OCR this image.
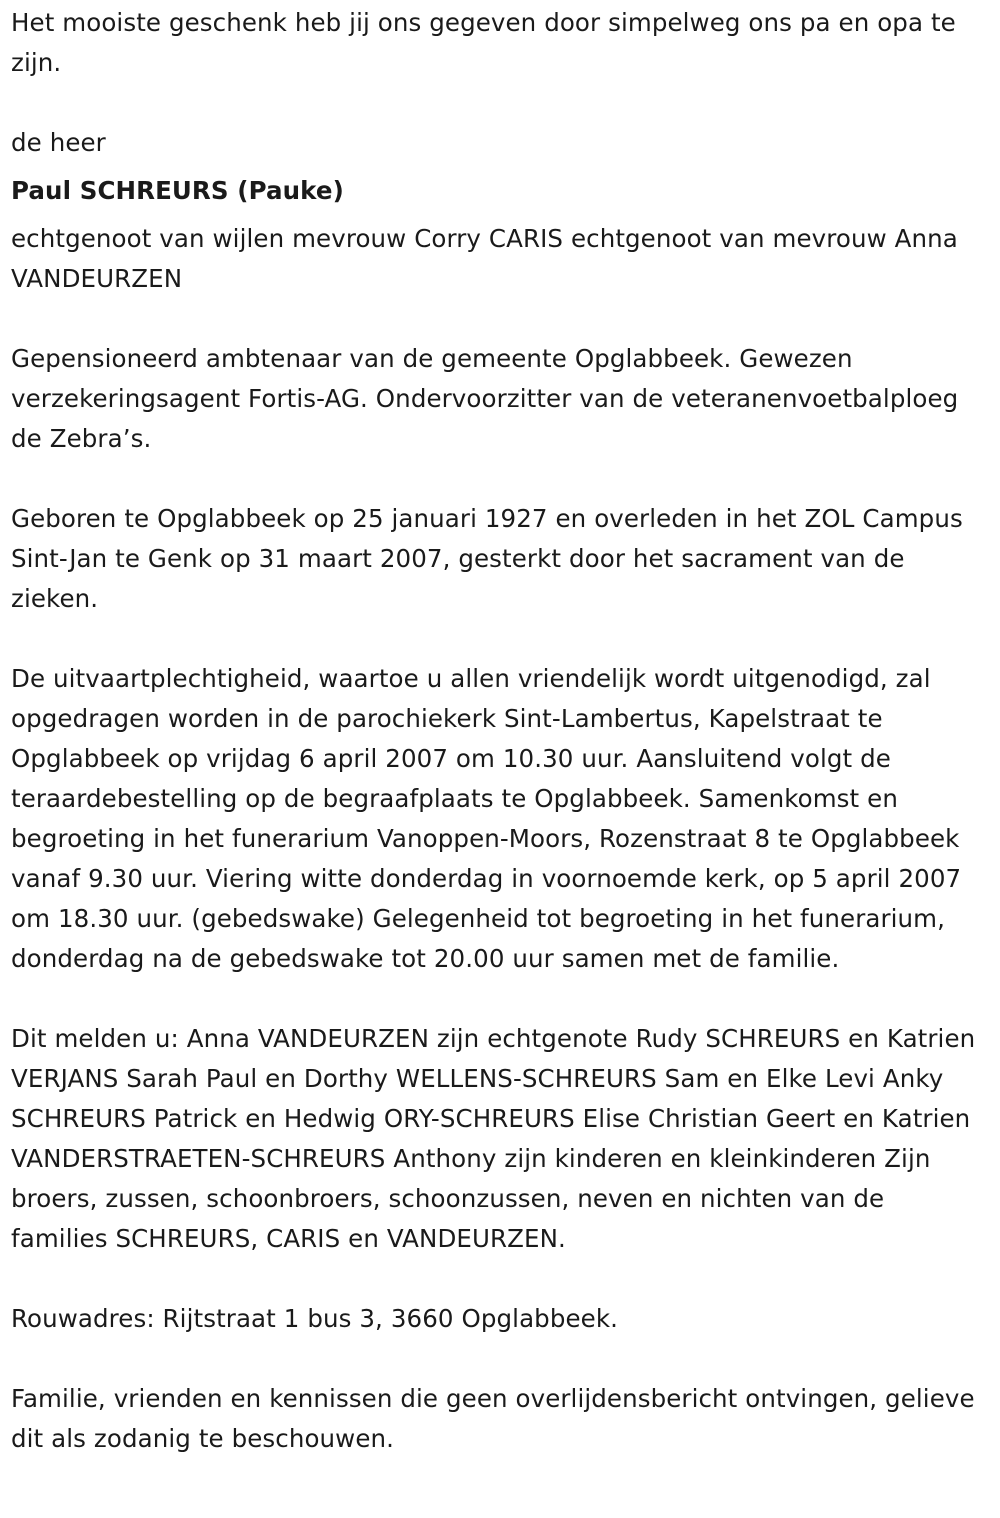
Het mooiste geschenk heb jij ons gegeven door simpelweg ons pa en opa te zijn.

de heer

Paul SCHREURS (Pauke)

echtgenoot van wijlen mevrouw Corry CARIS echtgenoot van mevrouw Anna VANDEURZEN

Gepensioneerd ambtenaar van de gemeente Opglabbeek. Gewezen verzekeringsagent Fortis-AG. Ondervoorzitter van de veteranenvoetbalploeg de Zebra’s.

Geboren te Opglabbeek op 25 januari 1927 en overleden in het ZOL Campus Sint-Jan te Genk op 31 maart 2007, gesterkt door het sacrament van de zieken.

De uitvaartplechtigheid, waartoe u allen vriendelijk wordt uitgenodigd, zal opgedragen worden in de parochiekerk Sint-Lambertus, Kapelstraat te Opglabbeek op vrijdag 6 april 2007 om 10.30 uur. Aansluitend volgt de teraardebestelling op de begraafplaats te Opglabbeek. Samenkomst en begroeting in het funerarium Vanoppen-Moors, Rozenstraat 8 te Opglabbeek vanaf 9.30 uur. Viering witte donderdag in voornoemde kerk, op 5 april 2007 om 18.30 uur. (gebedswake) Gelegenheid tot begroeting in het funerarium, donderdag na de gebedswake tot 20.00 uur samen met de familie.

Dit melden u: Anna VANDEURZEN zijn echtgenote Rudy SCHREURS en Katrien VERJANS Sarah Paul en Dorthy WELLENS-SCHREURS Sam en Elke Levi Anky SCHREURS Patrick en Hedwig ORY-SCHREURS Elise Christian Geert en Katrien VANDERSTRAETEN-SCHREURS Anthony zijn kinderen en kleinkinderen Zijn broers, zussen, schoonbroers, schoonzussen, neven en nichten van de families SCHREURS, CARIS en VANDEURZEN.

Rouwadres: Rijtstraat 1 bus 3, 3660 Opglabbeek.

Familie, vrienden en kennissen die geen overlijdensbericht ontvingen, gelieve dit als zodanig te beschouwen.
